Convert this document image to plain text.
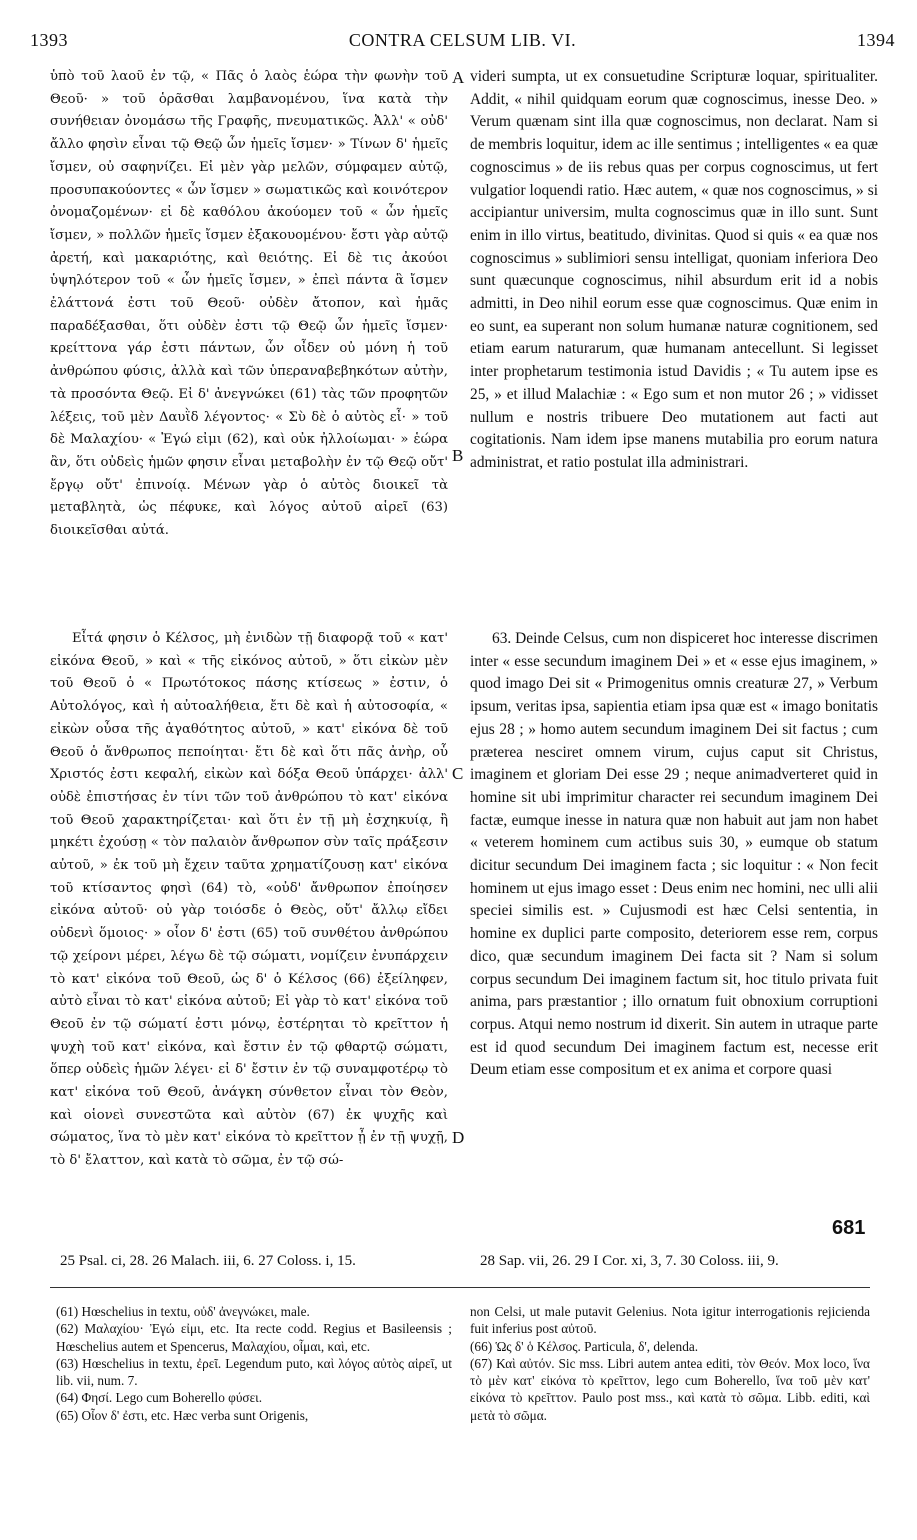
1393	CONTRA CELSUM LIB. VI.	1394

ὑπὸ τοῦ λαοῦ ἐν τῷ, « Πᾶς ὁ λαὸς ἑώρα τὴν φωνὴν τοῦ Θεοῦ· » τοῦ ὁρᾶσθαι λαμβανομένου, ἵνα κατὰ τὴν συνήθειαν ὀνομάσω τῆς Γραφῆς, πνευματικῶς. Ἀλλ' « οὐδ' ἄλλο φησὶν εἶναι τῷ Θεῷ ὧν ἡμεῖς ἴσμεν· » Τίνων δ' ἡμεῖς ἴσμεν, οὐ σαφηνίζει. Εἰ μὲν γὰρ μελῶν, σύμφαμεν αὐτῷ, προσυπακούοντες « ὧν ἴσμεν » σωματικῶς καὶ κοινότερον ὀνομαζομένων· εἰ δὲ καθόλου ἀκούομεν τοῦ « ὧν ἡμεῖς ἴσμεν, » πολλῶν ἡμεῖς ἴσμεν ἐξακουομένου· ἔστι γὰρ αὐτῷ ἀρετή, καὶ μακαριότης, καὶ θειότης. Εἰ δὲ τις ἀκούοι ὑψηλότερον τοῦ « ὧν ἡμεῖς ἴσμεν, » ἐπεὶ πάντα ἃ ἴσμεν ἐλάττονά ἐστι τοῦ Θεοῦ· οὐδὲν ἄτοπον, καὶ ἡμᾶς παραδέξασθαι, ὅτι οὐδὲν ἐστι τῷ Θεῷ ὧν ἡμεῖς ἴσμεν· κρείττονα γάρ ἐστι πάντων, ὧν οἶδεν οὐ μόνη ἡ τοῦ ἀνθρώπου φύσις, ἀλλὰ καὶ τῶν ὑπεραναβεβηκότων αὐτὴν, τὰ προσόντα Θεῷ. Εἰ δ' ἀνεγνώκει (61) τὰς τῶν προφητῶν λέξεις, τοῦ μὲν Δαυῒδ λέγοντος· « Σὺ δὲ ὁ αὐτὸς εἶ· » τοῦ δὲ Μαλαχίου· « Ἐγώ εἰμι (62), καὶ οὐκ ἠλλοίωμαι· » ἑώρα ἂν, ὅτι οὐδεὶς ἡμῶν φησιν εἶναι μεταβολὴν ἐν τῷ Θεῷ οὔτ' ἔργῳ οὔτ' ἐπινοίᾳ. Μένων γὰρ ὁ αὐτὸς διοικεῖ τὰ μεταβλητὰ, ὡς πέφυκε, καὶ λόγος αὐτοῦ αἱρεῖ (63) διοικεῖσθαι αὐτά.

Εἶτά φησιν ὁ Κέλσος, μὴ ἐνιδὼν τῇ διαφορᾷ τοῦ « κατ' εἰκόνα Θεοῦ, » καὶ « τῆς εἰκόνος αὐτοῦ, » ὅτι εἰκὼν μὲν τοῦ Θεοῦ ὁ « Πρωτότοκος πάσης κτίσεως » ἐστιν, ὁ Αὐτολόγος, καὶ ἡ αὐτοαλήθεια, ἔτι δὲ καὶ ἡ αὐτοσοφία, « εἰκὼν οὖσα τῆς ἀγαθότητος αὐτοῦ, » κατ' εἰκόνα δὲ τοῦ Θεοῦ ὁ ἄνθρωπος πεποίηται· ἔτι δὲ καὶ ὅτι πᾶς ἀνὴρ, οὗ Χριστός ἐστι κεφαλή, εἰκὼν καὶ δόξα Θεοῦ ὑπάρχει· ἀλλ' οὐδὲ ἐπιστήσας ἐν τίνι τῶν τοῦ ἀνθρώπου τὸ κατ' εἰκόνα τοῦ Θεοῦ χαρακτηρίζεται· καὶ ὅτι ἐν τῇ μὴ ἐσχηκυίᾳ, ἢ μηκέτι ἐχούσῃ « τὸν παλαιὸν ἄνθρωπον σὺν ταῖς πράξεσιν αὐτοῦ, » ἐκ τοῦ μὴ ἔχειν ταῦτα χρηματίζουσῃ κατ' εἰκόνα τοῦ κτίσαντος φησὶ (64) τὸ, «οὐδ' ἄνθρωπον ἐποίησεν εἰκόνα αὐτοῦ· οὐ γὰρ τοιόσδε ὁ Θεὸς, οὔτ' ἄλλῳ εἴδει οὐδενὶ ὅμοιος· » οἷον δ' ἐστι (65) τοῦ συνθέτου ἀνθρώπου τῷ χείρονι μέρει, λέγω δὲ τῷ σώματι, νομίζειν ἐνυπάρχειν τὸ κατ' εἰκόνα τοῦ Θεοῦ, ὡς δ' ὁ Κέλσος (66) ἐξείληφεν, αὐτὸ εἶναι τὸ κατ' εἰκόνα αὐτοῦ; Εἰ γὰρ τὸ κατ' εἰκόνα τοῦ Θεοῦ ἐν τῷ σώματί ἐστι μόνῳ, ἐστέρηται τὸ κρεῖττον ἡ ψυχὴ τοῦ κατ' εἰκόνα, καὶ ἔστιν ἐν τῷ φθαρτῷ σώματι, ὅπερ οὐδεὶς ἡμῶν λέγει· εἰ δ' ἔστιν ἐν τῷ συναμφοτέρῳ τὸ κατ' εἰκόνα τοῦ Θεοῦ, ἀνάγκη σύνθετον εἶναι τὸν Θεὸν, καὶ οἱονεὶ συνεστῶτα καὶ αὐτὸν (67) ἐκ ψυχῆς καὶ σώματος, ἵνα τὸ μὲν κατ' εἰκόνα τὸ κρεῖττον ᾖ ἐν τῇ ψυχῇ, τὸ δ' ἔλαττον, καὶ κατὰ τὸ σῶμα, ἐν τῷ σώ-

A
B
C
D

videri sumpta, ut ex consuetudine Scripturæ loquar, spiritualiter. Addit, « nihil quidquam eorum quæ cognoscimus, inesse Deo. » Verum quænam sint illa quæ cognoscimus, non declarat. Nam si de membris loquitur, idem ac ille sentimus ; intelligentes « ea quæ cognoscimus » de iis rebus quas per corpus cognoscimus, ut fert vulgatior loquendi ratio. Hæc autem, « quæ nos cognoscimus, » si accipiantur universim, multa cognoscimus quæ in illo sunt. Sunt enim in illo virtus, beatitudo, divinitas. Quod si quis « ea quæ nos cognoscimus » sublimiori sensu intelligat, quoniam inferiora Deo sunt quæcunque cognoscimus, nihil absurdum erit id a nobis admitti, in Deo nihil eorum esse quæ cognoscimus. Quæ enim in eo sunt, ea superant non solum humanæ naturæ cognitionem, sed etiam earum naturarum, quæ humanam antecellunt. Si legisset inter prophetarum testimonia istud Davidis ; « Tu autem ipse es 25, » et illud Malachiæ : « Ego sum et non mutor 26 ; » vidisset nullum e nostris tribuere Deo mutationem aut facti aut cogitationis. Nam idem ipse manens mutabilia pro eorum natura administrat, et ratio postulat illa administrari.

63. Deinde Celsus, cum non dispiceret hoc interesse discrimen inter « esse secundum imaginem Dei » et « esse ejus imaginem, » quod imago Dei sit « Primogenitus omnis creaturæ 27, » Verbum ipsum, veritas ipsa, sapientia etiam ipsa quæ est « imago bonitatis ejus 28 ; » homo autem secundum imaginem Dei sit factus ; cum præterea nesciret omnem virum, cujus caput sit Christus, imaginem et gloriam Dei esse 29 ; neque animadverteret quid in homine sit ubi imprimitur character rei secundum imaginem Dei factæ, eumque inesse in natura quæ non habuit aut jam non habet « veterem hominem cum actibus suis 30, » eumque ob statum dicitur secundum Dei imaginem facta ; sic loquitur : « Non fecit hominem ut ejus imago esset : Deus enim nec homini, nec ulli alii speciei similis est. » Cujusmodi est hæc Celsi sententia, in homine ex duplici parte composito, deteriorem esse rem, corpus dico, quæ secundum imaginem Dei facta sit ? Nam si solum corpus secundum Dei imaginem factum sit, hoc titulo privata fuit anima, pars præstantior ; illo ornatum fuit obnoxium corruptioni corpus. Atqui nemo nostrum id dixerit. Sin autem in utraque parte est id quod secundum Dei imaginem factum est, necesse erit Deum etiam esse compositum et ex anima et corpore quasi

681
25 Psal. ci, 28. 26 Malach. iii, 6. 27 Coloss. i, 15.	28 Sap. vii, 26. 29 I Cor. xi, 3, 7. 30 Coloss. iii, 9.
(61) Hœschelius in textu, οὐδ' ἀνεγνώκει, male.
(62) Μαλαχίου· Ἐγώ εἰμι, etc. Ita recte codd. Regius et Basileensis ; Hœschelius autem et Spencerus, Μαλαχίου, οἶμαι, καὶ, etc.
(63) Hœschelius in textu, ἐρεῖ. Legendum puto, καὶ λόγος αὐτὸς αἱρεῖ, ut lib. vii, num. 7.
(64) Φησί. Lego cum Boherello φύσει.
(65) Οἷον δ' ἐστι, etc. Hæc verba sunt Origenis,
non Celsi, ut male putavit Gelenius. Nota igitur interrogationis rejicienda fuit inferius post αὐτοῦ.
(66) Ὡς δ' ὁ Κέλσος. Particula, δ', delenda.
(67) Καὶ αὐτόν. Sic mss. Libri autem antea editi, τὸν Θεόν. Mox loco, ἵνα τὸ μὲν κατ' εἰκόνα τὸ κρεῖττον, lego cum Boherello, ἵνα τοῦ μὲν κατ' εἰκόνα τὸ κρεῖττον. Paulo post mss., καὶ κατὰ τὸ σῶμα. Libb. editi, καὶ μετὰ τὸ σῶμα.
